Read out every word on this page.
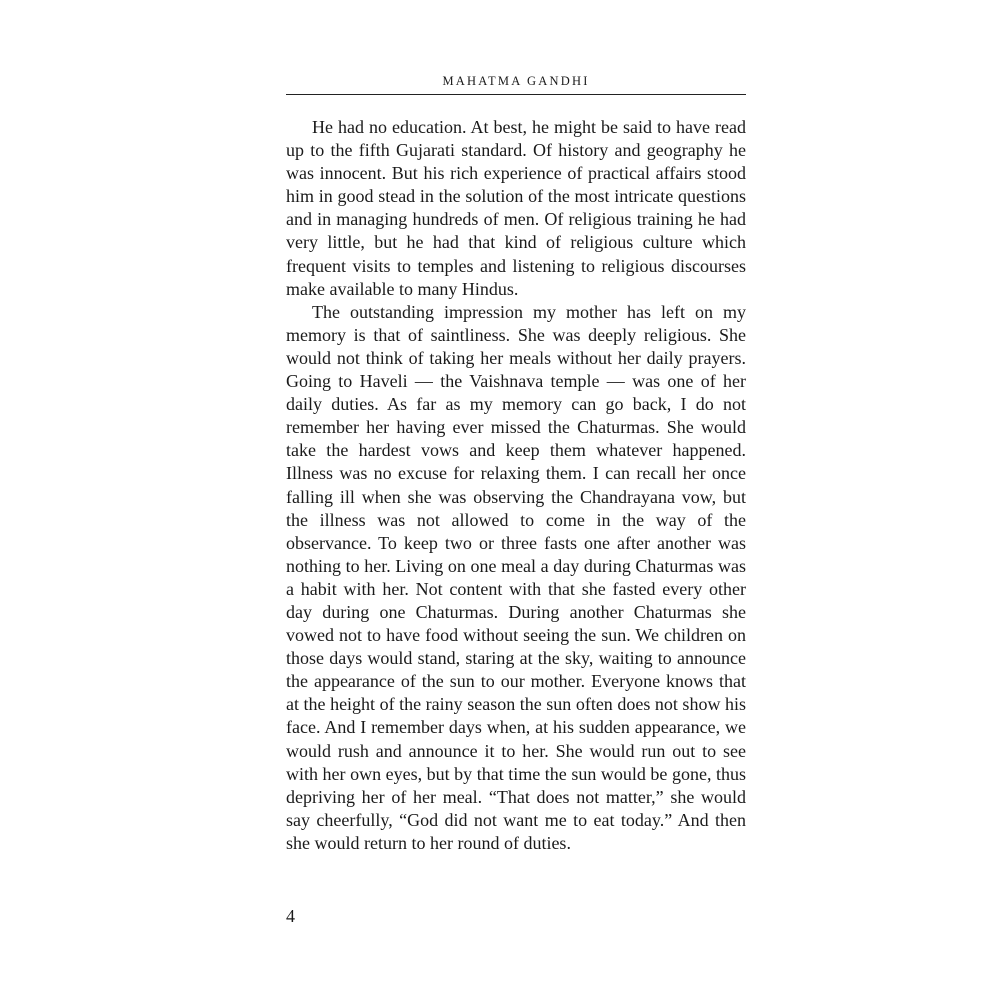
MAHATMA GANDHI

He had no education. At best, he might be said to have read up to the fifth Gujarati standard. Of history and geography he was innocent. But his rich experience of practical affairs stood him in good stead in the solution of the most intricate questions and in managing hundreds of men. Of religious training he had very little, but he had that kind of religious culture which frequent visits to temples and listening to religious discourses make available to many Hindus.

The outstanding impression my mother has left on my memory is that of saintliness. She was deeply religious. She would not think of taking her meals without her daily prayers. Going to Haveli — the Vaishnava temple — was one of her daily duties. As far as my memory can go back, I do not remember her having ever missed the Chaturmas. She would take the hardest vows and keep them whatever happened. Illness was no excuse for relaxing them. I can recall her once falling ill when she was observing the Chandrayana vow, but the illness was not allowed to come in the way of the observance. To keep two or three fasts one after another was nothing to her. Living on one meal a day during Chaturmas was a habit with her. Not content with that she fasted every other day during one Chaturmas. During another Chaturmas she vowed not to have food without seeing the sun. We children on those days would stand, staring at the sky, waiting to announce the appearance of the sun to our mother. Everyone knows that at the height of the rainy season the sun often does not show his face. And I remember days when, at his sudden appearance, we would rush and announce it to her. She would run out to see with her own eyes, but by that time the sun would be gone, thus depriving her of her meal. “That does not matter,” she would say cheerfully, “God did not want me to eat today.” And then she would return to her round of duties.

4
